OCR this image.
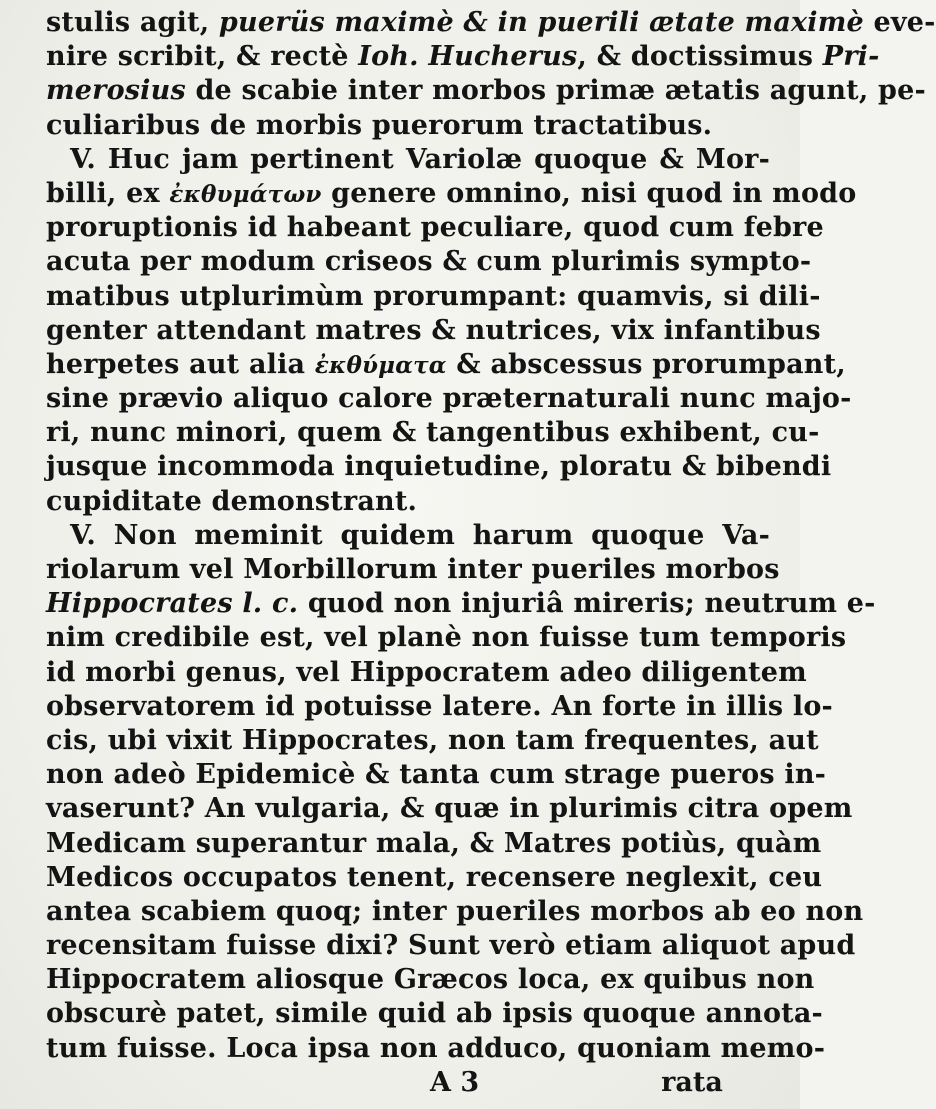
stulis agit, puerüs maximè & in puerili ætate maximè eve-
nire scribit, & rectè Ioh. Hucherus, & doctissimus Pri-
merosius de scabie inter morbos primæ ætatis agunt, pe-
culiaribus de morbis puerorum tractatibus.
V. Huc jam pertinent Variolæ quoque & Mor-
billi, ex ἐκθυμάτων genere omnino, nisi quod in modo
proruptionis id habeant peculiare, quod cum febre
acuta per modum criseos & cum plurimis sympto-
matibus utplurimùm prorumpant: quamvis, si dili-
genter attendant matres & nutrices, vix infantibus
herpetes aut alia ἐκθύματα & abscessus prorumpant,
sine prævio aliquo calore præternaturali nunc majo-
ri, nunc minori, quem & tangentibus exhibent, cu-
jusque incommoda inquietudine, ploratu & bibendi
cupiditate demonstrant.
V. Non meminit quidem harum quoque Va-
riolarum vel Morbillorum inter pueriles morbos
Hippocrates l. c. quod non injuriâ mireris; neutrum e-
nim credibile est, vel planè non fuisse tum temporis
id morbi genus, vel Hippocratem adeo diligentem
observatorem id potuisse latere. An forte in illis lo-
cis, ubi vixit Hippocrates, non tam frequentes, aut
non adeò Epidemicè & tanta cum strage pueros in-
vaserunt? An vulgaria, & quæ in plurimis citra opem
Medicam superantur mala, & Matres potiùs, quàm
Medicos occupatos tenent, recensere neglexit, ceu
antea scabiem quoq; inter pueriles morbos ab eo non
recensitam fuisse dixi? Sunt verò etiam aliquot apud
Hippocratem aliosque Græcos loca, ex quibus non
obscurè patet, simile quid ab ipsis quoque annota-
tum fuisse. Loca ipsa non adduco, quoniam memo-
A 3	rata
